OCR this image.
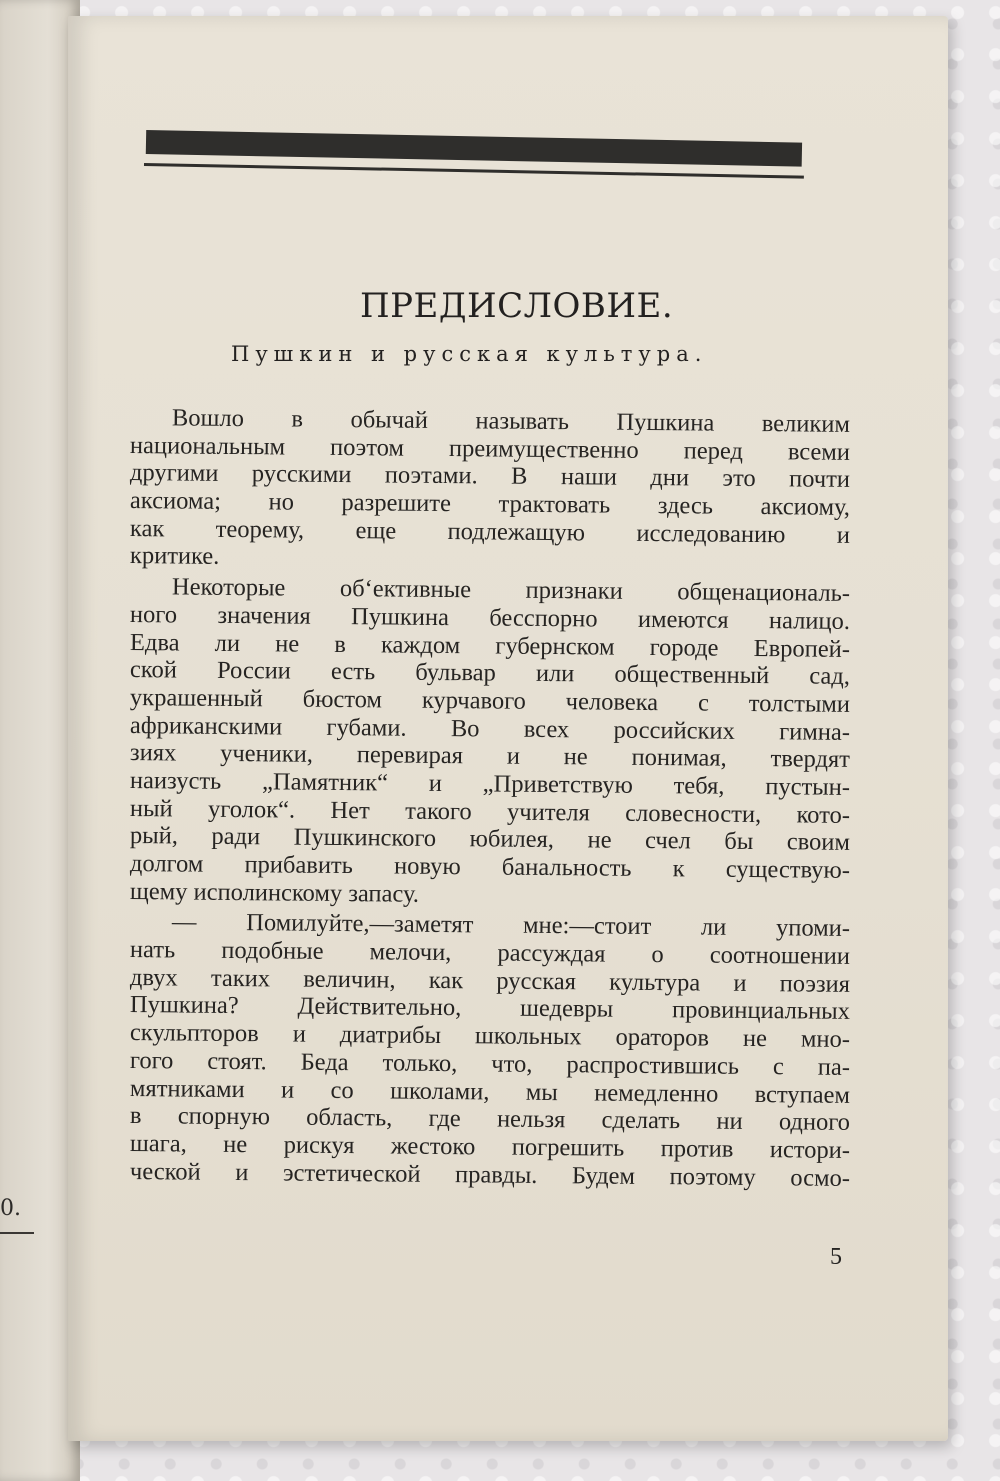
0.
ПРЕДИСЛОВИЕ.
Пушкин и русская культура.
Вошло в обычай называть Пушкина великим
национальным поэтом преимущественно перед всеми
другими русскими поэтами. В наши дни это почти
аксиома; но разрешите трактовать здесь аксиому,
как теорему, еще подлежащую исследованию и
критике.
Некоторые об‘ективные признаки общенациональ-
ного значения Пушкина бесспорно имеются налицо.
Едва ли не в каждом губернском городе Европей-
ской России есть бульвар или общественный сад,
украшенный бюстом курчавого человека с толстыми
африканскими губами. Во всех российских гимна-
зиях ученики, перевирая и не понимая, твердят
наизусть „Памятник“ и „Приветствую тебя, пустын-
ный уголок“. Нет такого учителя словесности, кото-
рый, ради Пушкинского юбилея, не счел бы своим
долгом прибавить новую банальность к существую-
щему исполинскому запасу.
— Помилуйте,—заметят мне:—стоит ли упоми-
нать подобные мелочи, рассуждая о соотношении
двух таких величин, как русская культура и поэзия
Пушкина? Действительно, шедевры провинциальных
скульпторов и диатрибы школьных ораторов не мно-
гого стоят. Беда только, что, распростившись с па-
мятниками и со школами, мы немедленно вступаем
в спорную область, где нельзя сделать ни одного
шага, не рискуя жестоко погрешить против истори-
ческой и эстетической правды. Будем поэтому осмо-
5
